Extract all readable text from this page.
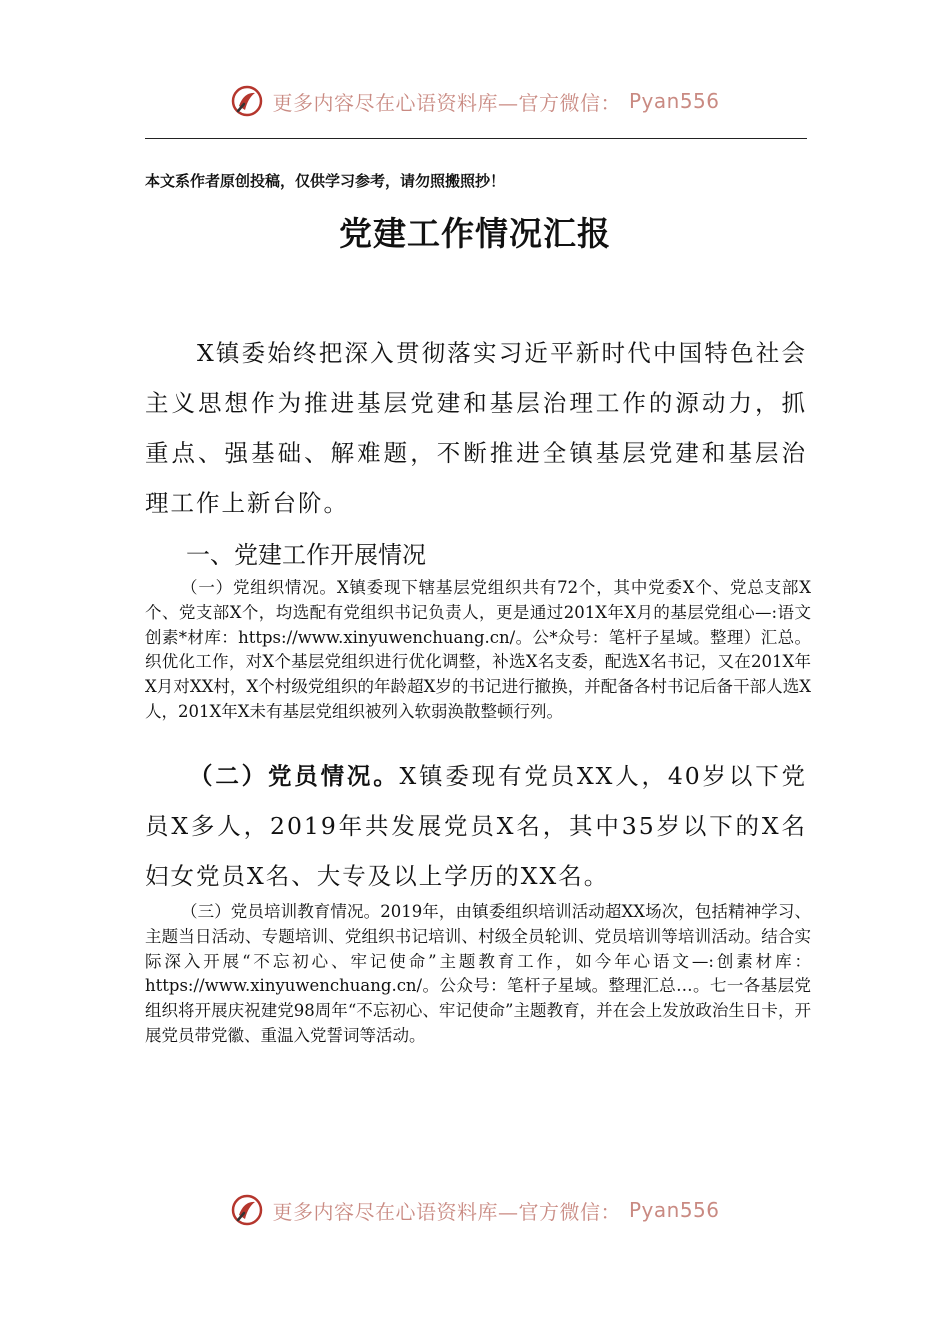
更多内容尽在心语资料库—官方微信： Pyan556
本文系作者原创投稿，仅供学习参考，请勿照搬照抄！
党建工作情况汇报
X镇委始终把深入贯彻落实习近平新时代中国特色社会主义思想作为推进基层党建和基层治理工作的源动力，抓重点、强基础、解难题，不断推进全镇基层党建和基层治理工作上新台阶。
一、党建工作开展情况
（一）党组织情况。X镇委现下辖基层党组织共有72个，其中党委X个、党总支部X个、党支部X个，均选配有党组织书记负责人，更是通过201X年X月的基层党组心—:语文创素*材库：https://www.xinyuwenchuang.cn/。公*众号：笔杆子星域。整理）汇总。织优化工作，对X个基层党组织进行优化调整，补选X名支委，配选X名书记，又在201X年X月对XX村，X个村级党组织的年龄超X岁的书记进行撤换，并配备各村书记后备干部人选X人，201X年X未有基层党组织被列入软弱涣散整顿行列。
（二）党员情况。X镇委现有党员XX人，40岁以下党员X多人，2019年共发展党员X名，其中35岁以下的X名妇女党员X名、大专及以上学历的XX名。
（三）党员培训教育情况。2019年，由镇委组织培训活动超XX场次，包括精神学习、主题当日活动、专题培训、党组织书记培训、村级全员轮训、党员培训等培训活动。结合实际深入开展“不忘初心、牢记使命”主题教育工作，如今年心语文—:创素材库：https://www.xinyuwenchuang.cn/。公众号：笔杆子星域。整理汇总…。七一各基层党组织将开展庆祝建党98周年“不忘初心、牢记使命”主题教育，并在会上发放政治生日卡，开展党员带党徽、重温入党誓词等活动。
更多内容尽在心语资料库—官方微信： Pyan556
